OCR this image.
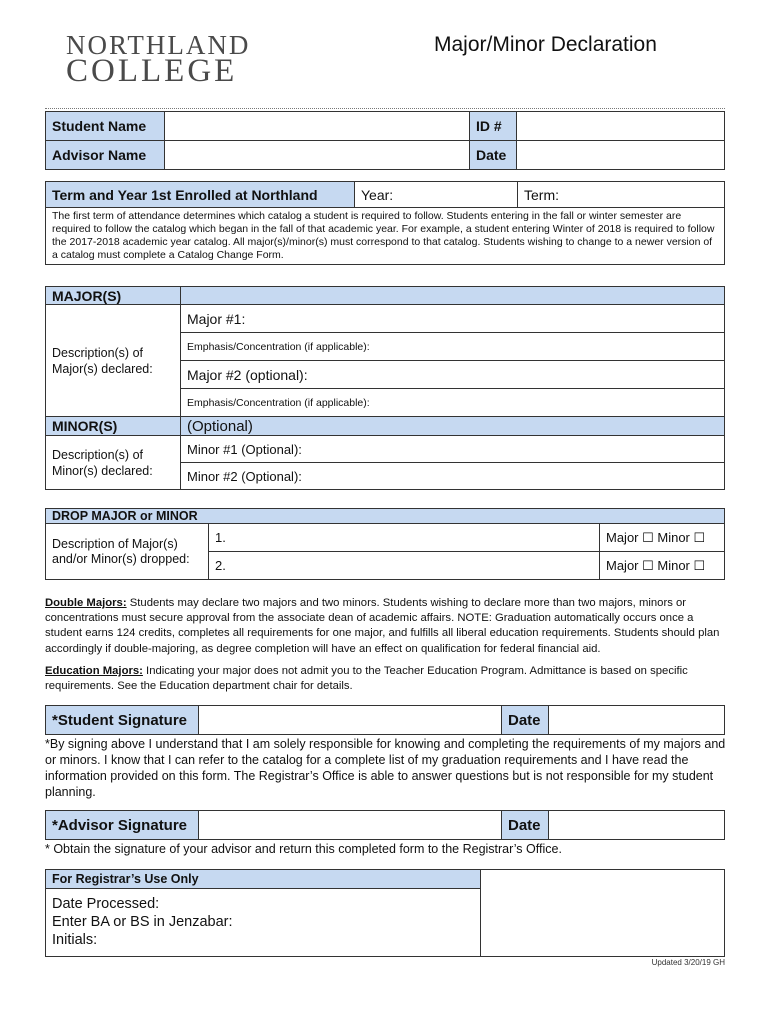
NORTHLAND
COLLEGE
Major/Minor Declaration
Student Name		ID #	
Advisor Name		Date	
Term and Year 1st Enrolled at Northland	Year:	Term:
The first term of attendance determines which catalog a student is required to follow. Students entering in the fall or winter semester are required to follow the catalog which began in the fall of that academic year. For example, a student entering Winter of 2018 is required to follow the 2017-2018 academic year catalog. All major(s)/minor(s) must correspond to that catalog. Students wishing to change to a newer version of a catalog must complete a Catalog Change Form.
MAJOR(S)	
Description(s) of Major(s) declared:	Major #1:
	Emphasis/Concentration (if applicable):
	Major #2 (optional):
	Emphasis/Concentration (if applicable):
MINOR(S)	(Optional)
Description(s) of Minor(s) declared:	Minor #1 (Optional):
	Minor #2 (Optional):
DROP MAJOR or MINOR		
Description of Major(s) and/or Minor(s) dropped:	1.	Major ☐ Minor ☐
	2.	Major ☐ Minor ☐
Double Majors: Students may declare two majors and two minors. Students wishing to declare more than two majors, minors or concentrations must secure approval from the associate dean of academic affairs. NOTE: Graduation automatically occurs once a student earns 124 credits, completes all requirements for one major, and fulfills all liberal education requirements. Students should plan accordingly if double-majoring, as degree completion will have an effect on qualification for federal financial aid.
Education Majors: Indicating your major does not admit you to the Teacher Education Program. Admittance is based on specific requirements. See the Education department chair for details.
*Student Signature		Date	
*By signing above I understand that I am solely responsible for knowing and completing the requirements of my majors and or minors. I know that I can refer to the catalog for a complete list of my graduation requirements and I have read the information provided on this form. The Registrar’s Office is able to answer questions but is not responsible for my student planning.
*Advisor Signature		Date	
* Obtain the signature of your advisor and return this completed form to the Registrar’s Office.
For Registrar’s Use Only	

Date Processed:
Enter BA or BS in Jenzabar:
Initials:
Updated 3/20/19 GH
